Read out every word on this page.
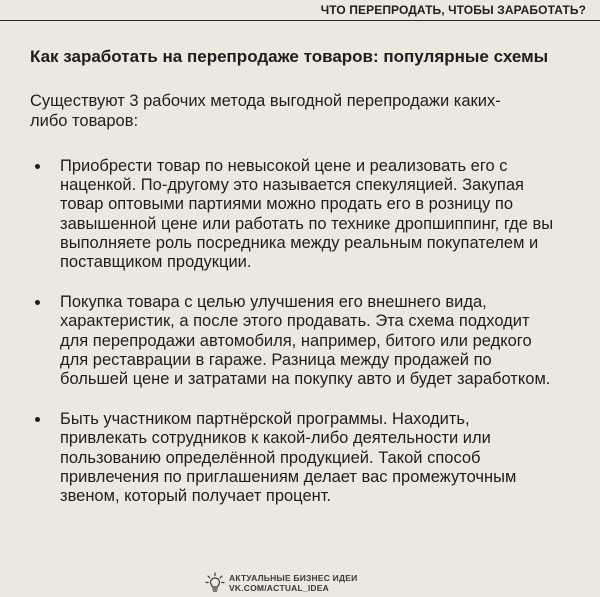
ЧТО ПЕРЕПРОДАТЬ, ЧТОБЫ ЗАРАБОТАТЬ?
Как заработать на перепродаже товаров: популярные схемы

Существуют 3 рабочих метода выгодной перепродажи каких-либо товаров:

Приобрести товар по невысокой цене и реализовать его с наценкой. По-другому это называется спекуляцией. Закупая товар оптовыми партиями можно продать его в розницу по завышенной цене или работать по технике дропшиппинг, где вы выполняете роль посредника между реальным покупателем и поставщиком продукции.
Покупка товара с целью улучшения его внешнего вида, характеристик, а после этого продавать. Эта схема подходит для перепродажи автомобиля, например, битого или редкого для реставрации в гараже. Разница между продажей по большей цене и затратами на покупку авто и будет заработком.
Быть участником партнёрской программы. Находить, привлекать сотрудников к какой-либо деятельности или пользованию определённой продукцией. Такой способ привлечения по приглашениям делает вас промежуточным звеном, который получает процент.
АКТУАЛЬНЫЕ БИЗНЕС ИДЕИ
VK.COM/ACTUAL_IDEA
